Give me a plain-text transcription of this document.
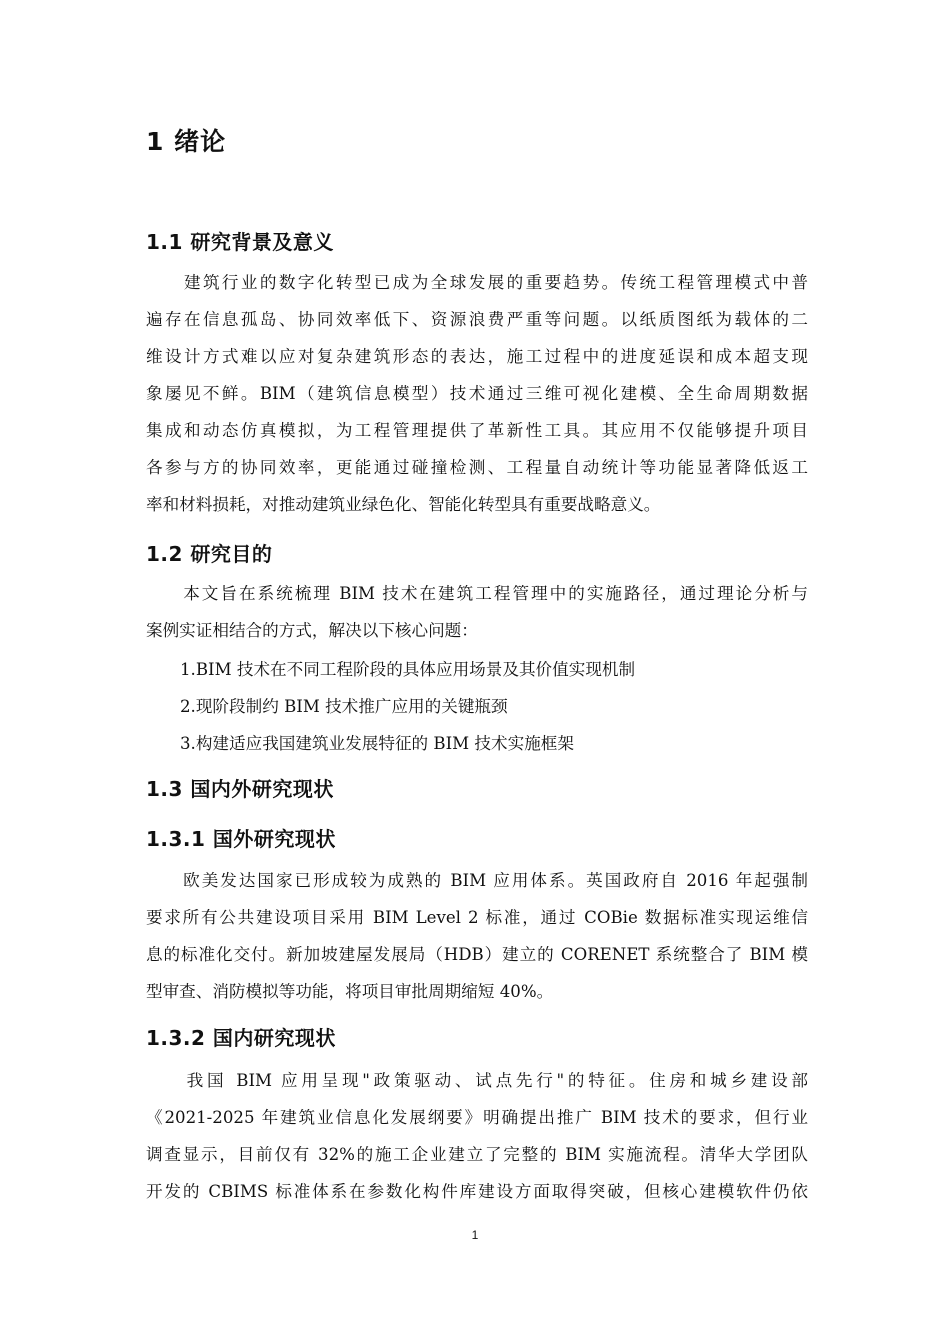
1 绪论
1.1 研究背景及意义
　　建筑行业的数字化转型已成为全球发展的重要趋势。传统工程管理模式中普
遍存在信息孤岛、协同效率低下、资源浪费严重等问题。以纸质图纸为载体的二
维设计方式难以应对复杂建筑形态的表达，施工过程中的进度延误和成本超支现
象屡见不鲜。BIM（建筑信息模型）技术通过三维可视化建模、全生命周期数据
集成和动态仿真模拟，为工程管理提供了革新性工具。其应用不仅能够提升项目
各参与方的协同效率，更能通过碰撞检测、工程量自动统计等功能显著降低返工
率和材料损耗，对推动建筑业绿色化、智能化转型具有重要战略意义。
1.2 研究目的
　　本文旨在系统梳理 BIM 技术在建筑工程管理中的实施路径，通过理论分析与
案例实证相结合的方式，解决以下核心问题：
1.BIM 技术在不同工程阶段的具体应用场景及其价值实现机制
2.现阶段制约 BIM 技术推广应用的关键瓶颈
3.构建适应我国建筑业发展特征的 BIM 技术实施框架
1.3 国内外研究现状
1.3.1 国外研究现状
　　欧美发达国家已形成较为成熟的 BIM 应用体系。英国政府自 2016 年起强制
要求所有公共建设项目采用 BIM Level 2 标准，通过 COBie 数据标准实现运维信
息的标准化交付。新加坡建屋发展局（HDB）建立的 CORENET 系统整合了 BIM 模
型审查、消防模拟等功能，将项目审批周期缩短 40%。
1.3.2 国内研究现状
　　我国 BIM 应用呈现"政策驱动、试点先行"的特征。住房和城乡建设部
《2021-2025 年建筑业信息化发展纲要》明确提出推广 BIM 技术的要求，但行业
调查显示，目前仅有 32%的施工企业建立了完整的 BIM 实施流程。清华大学团队
开发的 CBIMS 标准体系在参数化构件库建设方面取得突破，但核心建模软件仍依
1
